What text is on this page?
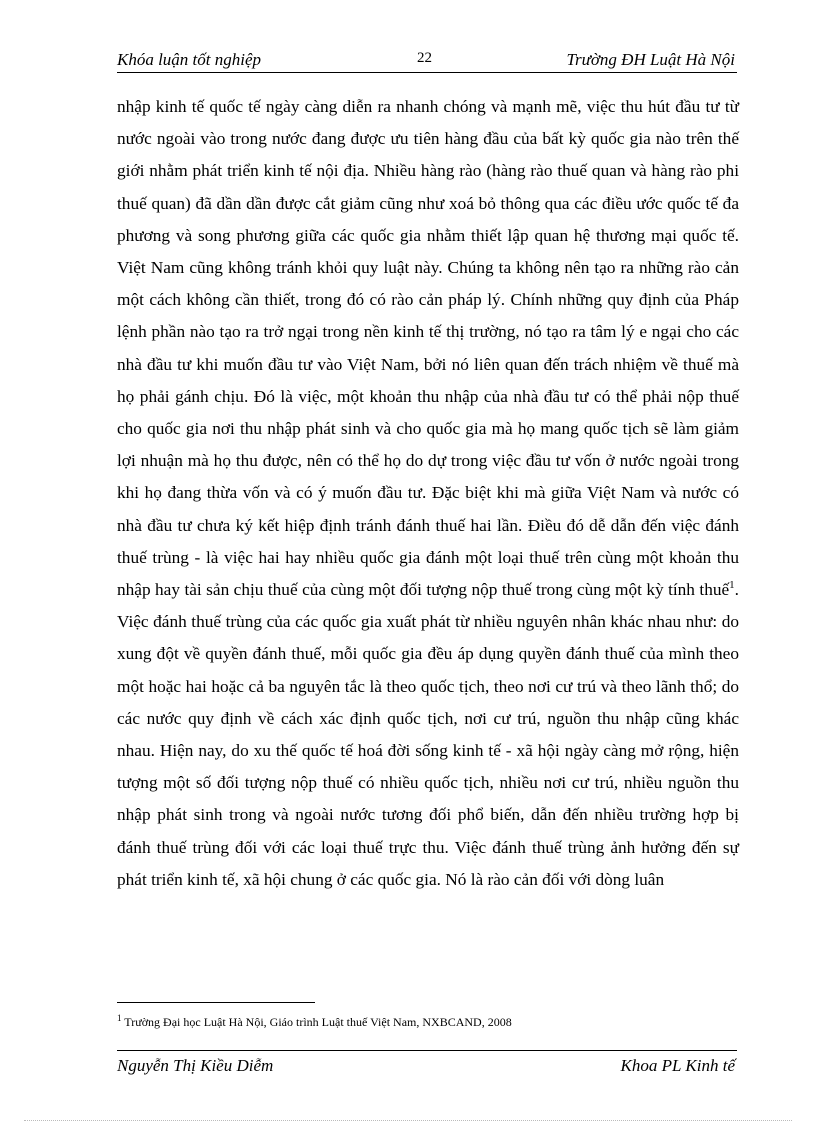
Khóa luận tốt nghiệp	22	Trường ĐH Luật Hà Nội

nhập kinh tế quốc tế ngày càng diễn ra nhanh chóng và mạnh mẽ, việc thu hút đầu tư từ nước ngoài vào trong nước đang được ưu tiên hàng đầu của bất kỳ quốc gia nào trên thế giới nhằm phát triển kinh tế nội địa. Nhiều hàng rào (hàng rào thuế quan và hàng rào phi thuế quan) đã dần dần được cắt giảm cũng như xoá bỏ thông qua các điều ước quốc tế đa phương và song phương giữa các quốc gia nhằm thiết lập quan hệ thương mại quốc tế. Việt Nam cũng không tránh khỏi quy luật này. Chúng ta không nên tạo ra những rào cản một cách không cần thiết, trong đó có rào cản pháp lý. Chính những quy định của Pháp lệnh phần nào tạo ra trở ngại trong nền kinh tế thị trường, nó tạo ra tâm lý e ngại cho các nhà đầu tư khi muốn đầu tư vào Việt Nam, bởi nó liên quan đến trách nhiệm về thuế mà họ phải gánh chịu. Đó là việc, một khoản thu nhập của nhà đầu tư có thể phải nộp thuế cho quốc gia nơi thu nhập phát sinh và cho quốc gia mà họ mang quốc tịch sẽ làm giảm lợi nhuận mà họ thu được, nên có thể họ do dự trong việc đầu tư vốn ở nước ngoài trong khi họ đang thừa vốn và có ý muốn đầu tư. Đặc biệt khi mà giữa Việt Nam và nước có nhà đầu tư chưa ký kết hiệp định tránh đánh thuế hai lần. Điều đó dễ dẫn đến việc đánh thuế trùng - là việc hai hay nhiều quốc gia đánh một loại thuế trên cùng một khoản thu nhập hay tài sản chịu thuế của cùng một đối tượng nộp thuế trong cùng một kỳ tính thuế$^1$. Việc đánh thuế trùng của các quốc gia xuất phát từ nhiều nguyên nhân khác nhau như: do xung đột về quyền đánh thuế, mỗi quốc gia đều áp dụng quyền đánh thuế của mình theo một hoặc hai hoặc cả ba nguyên tắc là theo quốc tịch, theo nơi cư trú và theo lãnh thổ; do các nước quy định về cách xác định quốc tịch, nơi cư trú, nguồn thu nhập cũng khác nhau. Hiện nay, do xu thế quốc tế hoá đời sống kinh tế - xã hội ngày càng mở rộng, hiện tượng một số đối tượng nộp thuế có nhiều quốc tịch, nhiều nơi cư trú, nhiều nguồn thu nhập phát sinh trong và ngoài nước tương đối phổ biến, dẫn đến nhiều trường hợp bị đánh thuế trùng đối với các loại thuế trực thu. Việc đánh thuế trùng ảnh hưởng đến sự phát triển kinh tế, xã hội chung ở các quốc gia. Nó là rào cản đối với dòng luân

$^1$ Trường Đại học Luật Hà Nội, Giáo trình Luật thuế Việt Nam, NXBCAND, 2008
Nguyễn Thị Kiều Diễm	Khoa PL Kinh tế
